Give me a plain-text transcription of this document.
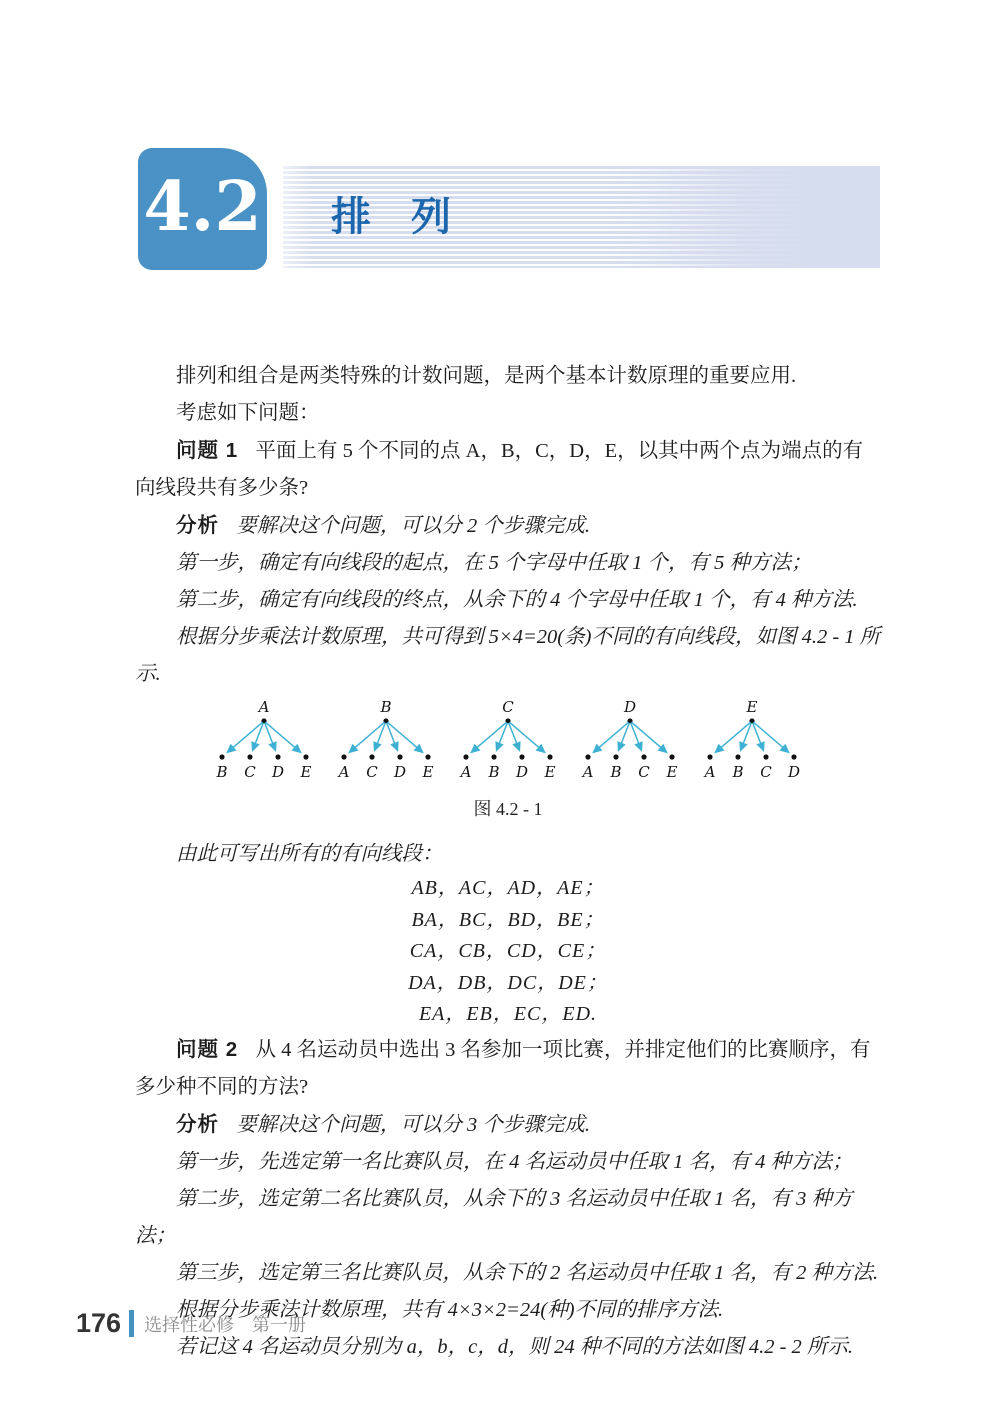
4.2 排　列

排列和组合是两类特殊的计数问题，是两个基本计数原理的重要应用.

考虑如下问题：

问题 1 平面上有 5 个不同的点 A，B，C，D，E，以其中两个点为端点的有向线段共有多少条?

分析 要解决这个问题，可以分 2 个步骤完成.

第一步，确定有向线段的起点，在 5 个字母中任取 1 个，有 5 种方法；

第二步，确定有向线段的终点，从余下的 4 个字母中任取 1 个，有 4 种方法.

根据分步乘法计数原理，共可得到 5×4=20(条)不同的有向线段，如图 4.2 - 1 所示.

A
B C D E
B
A C D E
C
A B D E
D
A B C E
E
A B C D
图 4.2 - 1

由此可写出所有的有向线段：

AB，AC，AD，AE；
BA，BC，BD，BE；
CA，CB，CD，CE；
DA，DB，DC，DE；
EA，EB，EC，ED.

问题 2 从 4 名运动员中选出 3 名参加一项比赛，并排定他们的比赛顺序，有多少种不同的方法?

分析 要解决这个问题，可以分 3 个步骤完成.

第一步，先选定第一名比赛队员，在 4 名运动员中任取 1 名，有 4 种方法；

第二步，选定第二名比赛队员，从余下的 3 名运动员中任取 1 名，有 3 种方法；

第三步，选定第三名比赛队员，从余下的 2 名运动员中任取 1 名，有 2 种方法.

根据分步乘法计数原理，共有 4×3×2=24(种)不同的排序方法.

若记这 4 名运动员分别为 a，b，c，d，则 24 种不同的方法如图 4.2 - 2 所示.

176 选择性必修　第一册
